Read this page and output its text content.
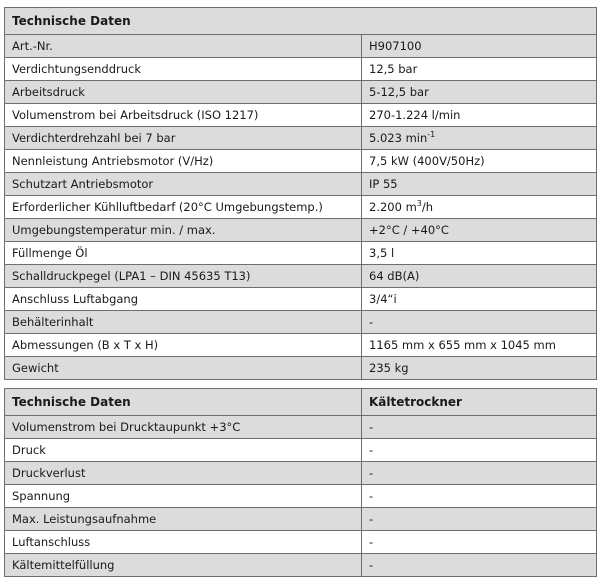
Technische Daten	
Art.-Nr.	H907100
Verdichtungsenddruck	12,5 bar
Arbeitsdruck	5-12,5 bar
Volumenstrom bei Arbeitsdruck (ISO 1217)	270-1.224 l/min
Verdichterdrehzahl bei 7 bar	5.023 $\min^{-1}$
Nennleistung Antriebsmotor (V/Hz)	7,5 kW (400V/50Hz)
Schutzart Antriebsmotor	IP 55
Erforderlicher Kühlluftbedarf (20°C Umgebungstemp.)	2.200 $m^3/h$
Umgebungstemperatur min. / max.	+2°C / +40°C
Füllmenge Öl	3,5 l
Schalldruckpegel (LPA1 – DIN 45635 T13)	64 dB(A)
Anschluss Luftabgang	3/4“i
Behälterinhalt	-
Abmessungen (B x T x H)	1165 mm x 655 mm x 1045 mm
Gewicht	235 kg
Technische Daten	Kältetrockner
Volumenstrom bei Drucktaupunkt +3°C	-
Druck	-
Druckverlust	-
Spannung	-
Max. Leistungsaufnahme	-
Luftanschluss	-
Kältemittelfüllung	-
